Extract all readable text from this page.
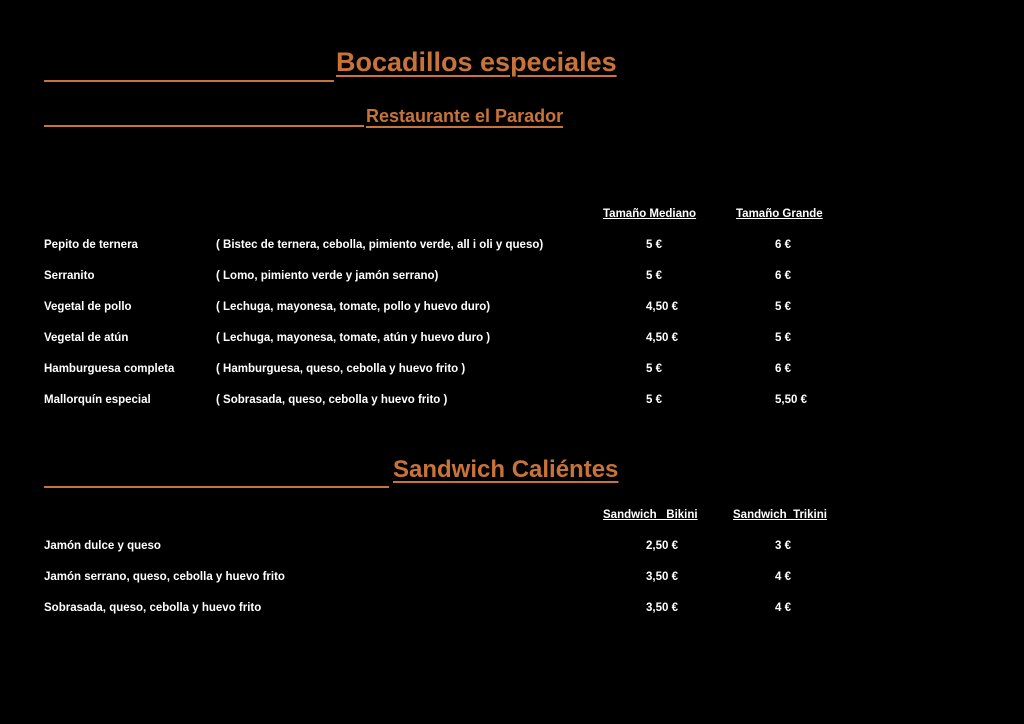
Bocadillos especiales
Restaurante el Parador
Tamaño Mediano	Tamaño Grande
Pepito de ternera	( Bistec de ternera, cebolla, pimiento verde, all i oli y queso)	5 €	6 €
Serranito	( Lomo, pimiento verde y jamón serrano)	5 €	6 €
Vegetal de pollo	( Lechuga, mayonesa, tomate, pollo y huevo duro)	4,50 €	5 €
Vegetal de atún	( Lechuga, mayonesa, tomate, atún y huevo duro )	4,50 €	5 €
Hamburguesa completa	( Hamburguesa, queso, cebolla y huevo frito )	5 €	6 €
Mallorquín especial	( Sobrasada, queso, cebolla y huevo frito )	5 €	5,50 €
Sandwich Caliéntes
Sandwich   Bikini	Sandwich  Trikini
Jamón dulce y queso	2,50 €	3 €
Jamón serrano, queso, cebolla y huevo frito	3,50 €	4 €
Sobrasada, queso, cebolla y huevo frito	3,50 €	4 €
